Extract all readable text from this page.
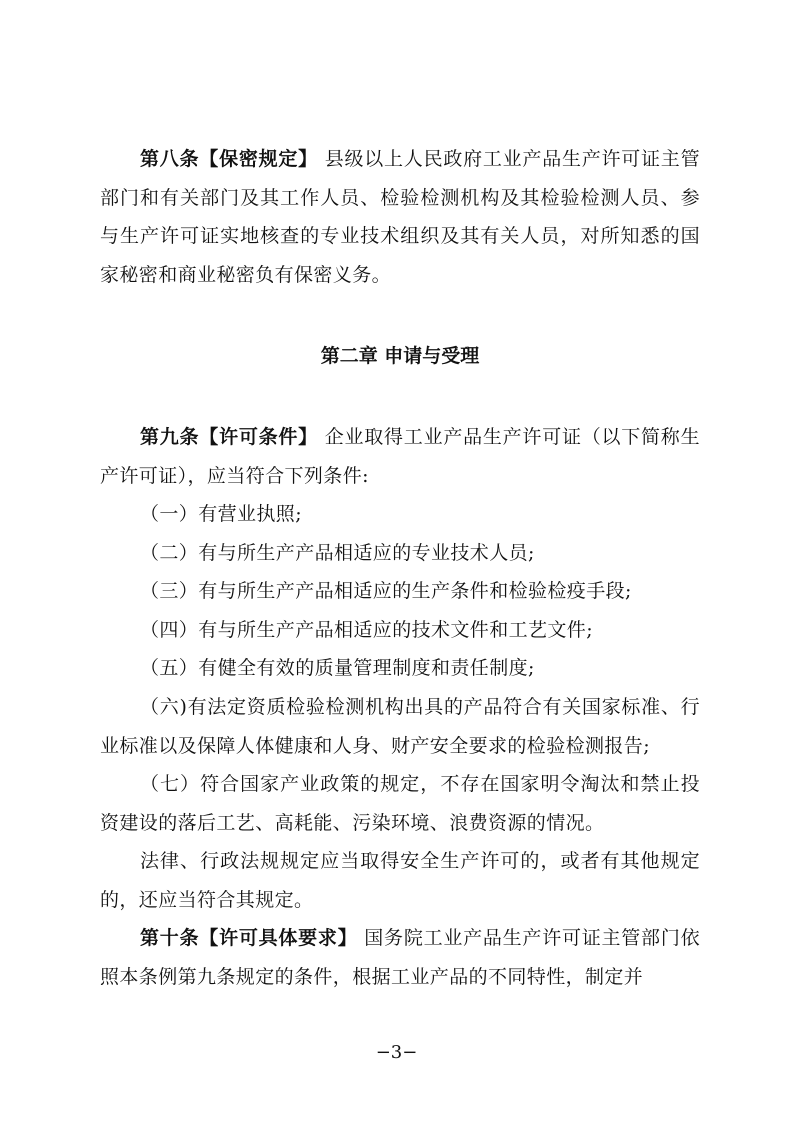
第八条【保密规定】 县级以上人民政府工业产品生产许可证主管部门和有关部门及其工作人员、检验检测机构及其检验检测人员、参与生产许可证实地核查的专业技术组织及其有关人员，对所知悉的国家秘密和商业秘密负有保密义务。

第二章 申请与受理

第九条【许可条件】 企业取得工业产品生产许可证（以下简称生产许可证），应当符合下列条件:

（一）有营业执照;

（二）有与所生产产品相适应的专业技术人员;

（三）有与所生产产品相适应的生产条件和检验检疫手段;

（四）有与所生产产品相适应的技术文件和工艺文件;

（五）有健全有效的质量管理制度和责任制度;

（六)有法定资质检验检测机构出具的产品符合有关国家标准、行业标准以及保障人体健康和人身、财产安全要求的检验检测报告;

（七）符合国家产业政策的规定，不存在国家明令淘汰和禁止投资建设的落后工艺、高耗能、污染环境、浪费资源的情况。

法律、行政法规规定应当取得安全生产许可的，或者有其他规定的，还应当符合其规定。

第十条【许可具体要求】 国务院工业产品生产许可证主管部门依照本条例第九条规定的条件，根据工业产品的不同特性，制定并

−3−
